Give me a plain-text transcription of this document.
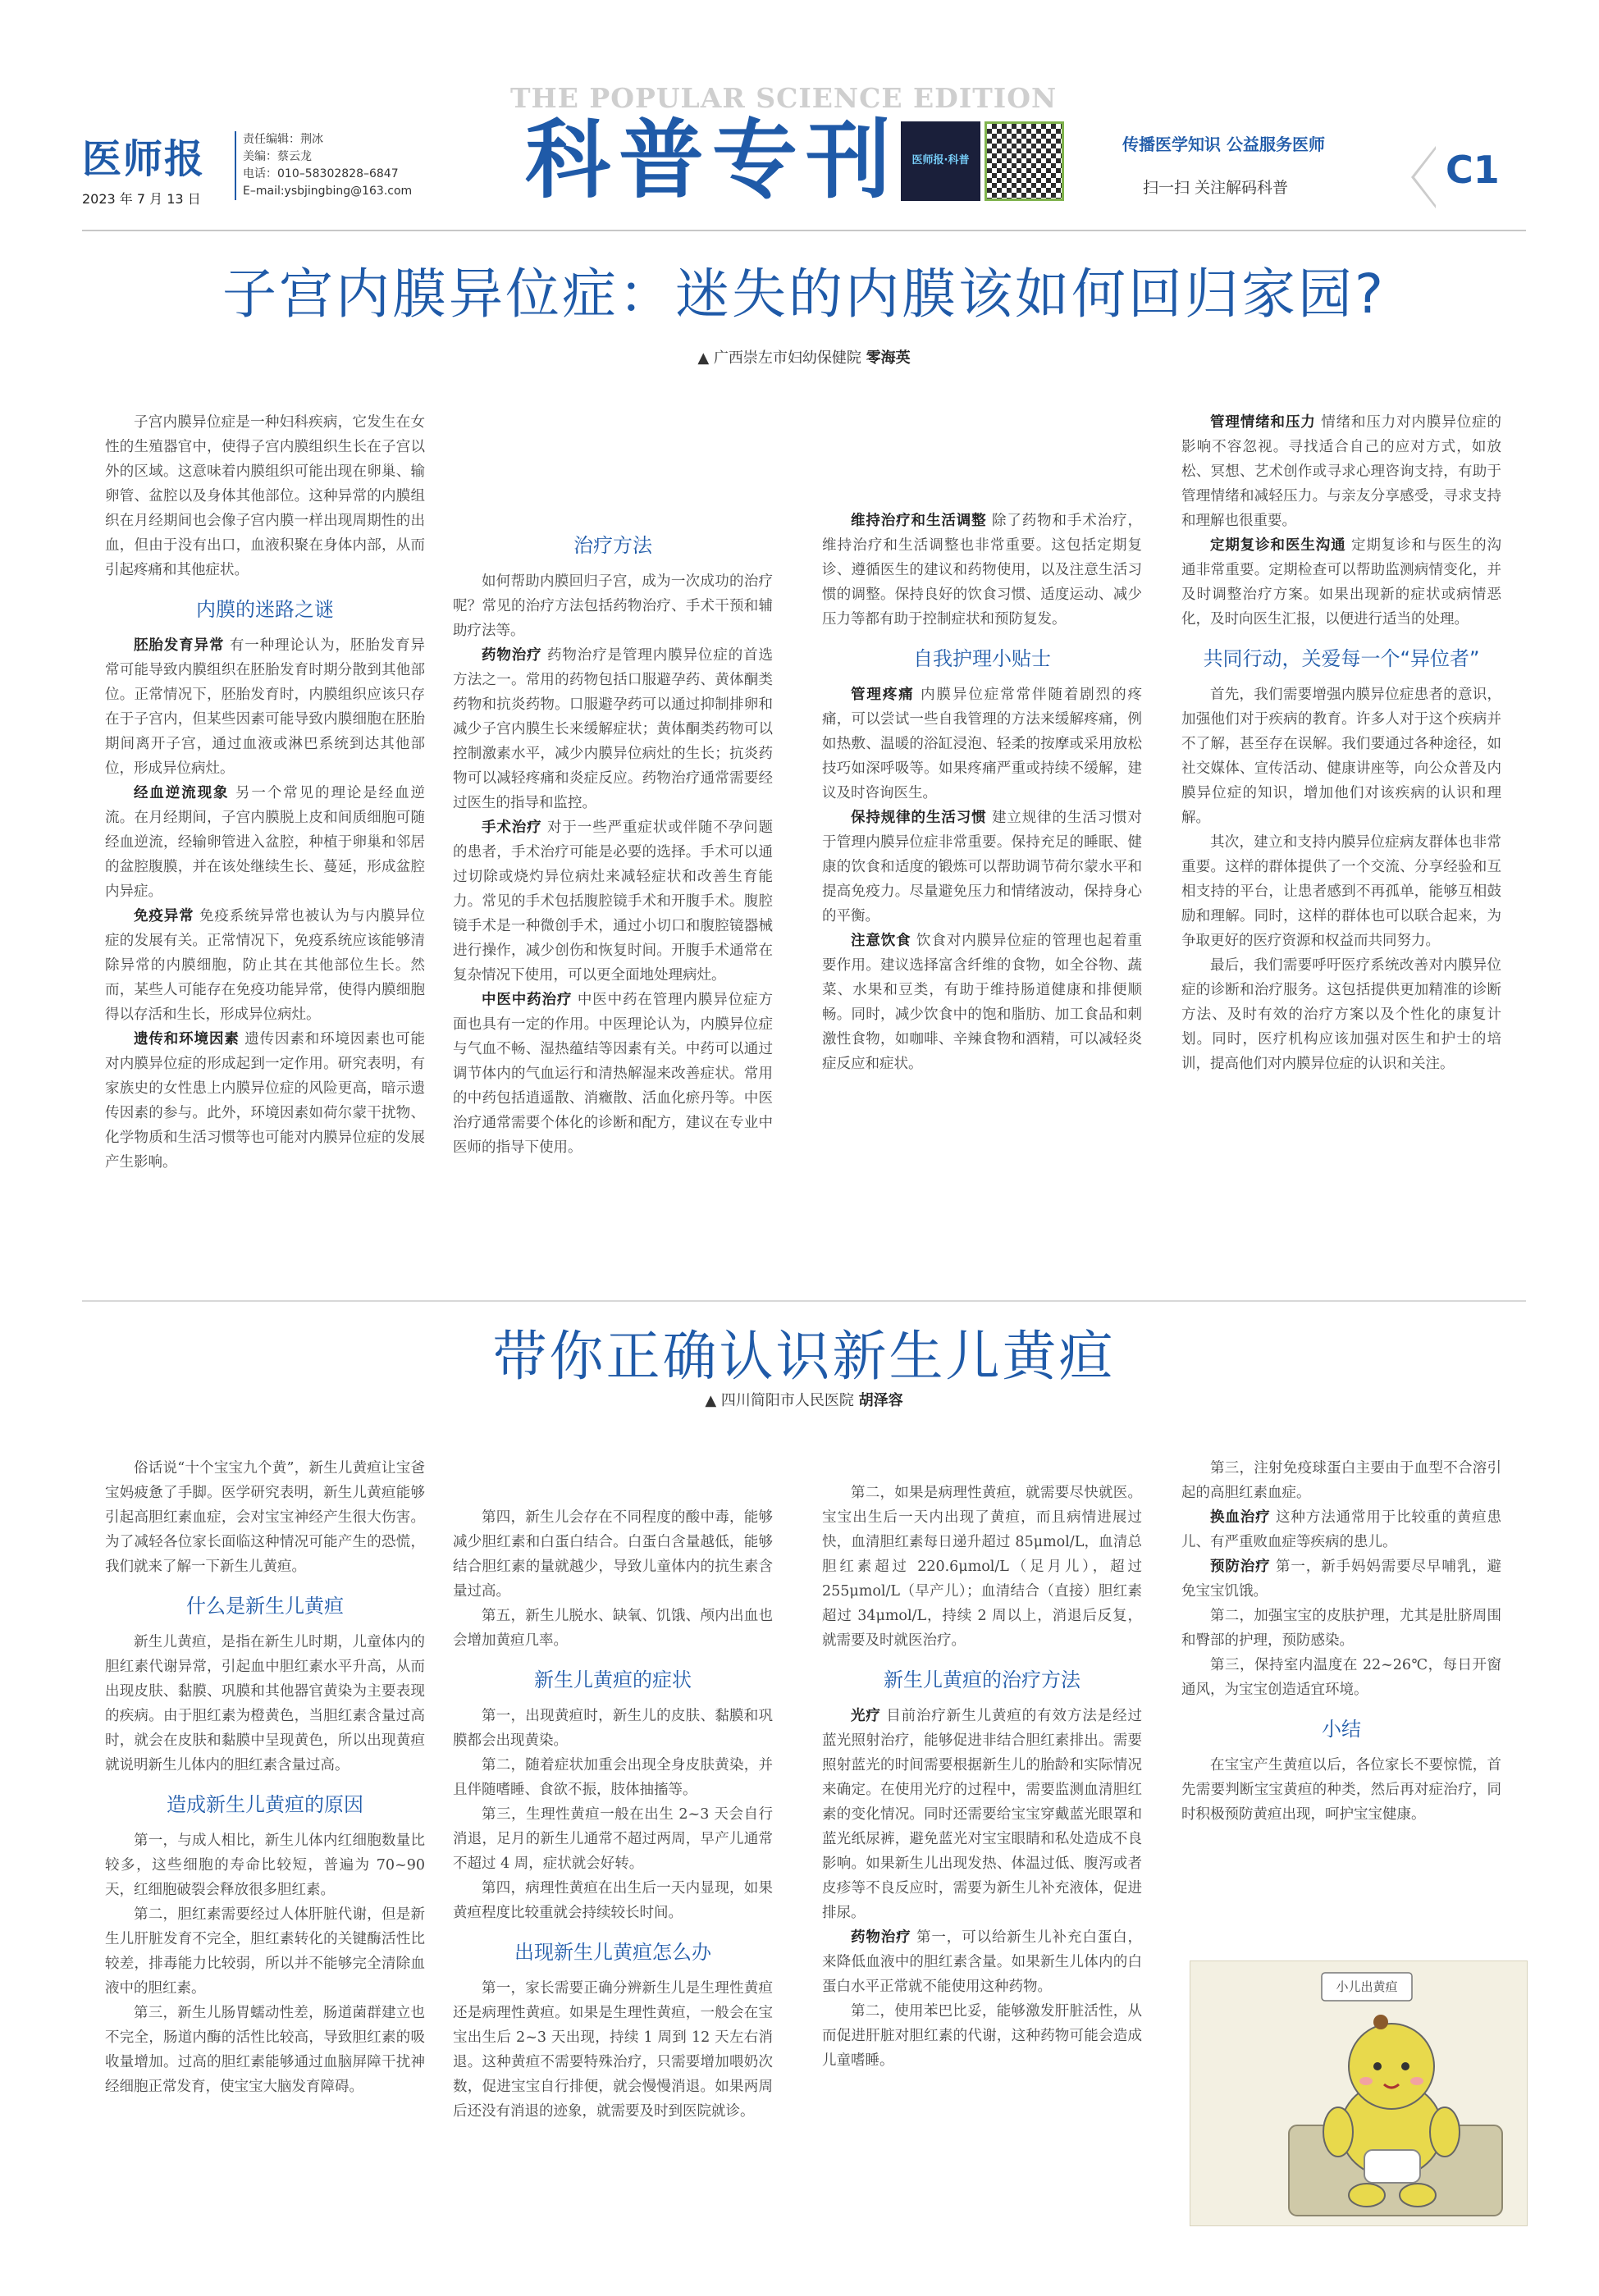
医师报
2023 年 7 月 13 日
责任编辑：荆冰
美编：蔡云龙
电话：010–58302828–6847
E–mail:ysbjingbing@163.com
THE POPULAR SCIENCE EDITION
科普专刊 医师报·科普
传播医学知识 公益服务医师
扫一扫 关注解码科普	C1
子宫内膜异位症：迷失的内膜该如何回归家园?
▲ 广西崇左市妇幼保健院 零海英

子宫内膜异位症是一种妇科疾病，它发生在女性的生殖器官中，使得子宫内膜组织生长在子宫以外的区域。这意味着内膜组织可能出现在卵巢、输卵管、盆腔以及身体其他部位。这种异常的内膜组织在月经期间也会像子宫内膜一样出现周期性的出血，但由于没有出口，血液积聚在身体内部，从而引起疼痛和其他症状。

内膜的迷路之谜

胚胎发育异常 有一种理论认为，胚胎发育异常可能导致内膜组织在胚胎发育时期分散到其他部位。正常情况下，胚胎发育时，内膜组织应该只存在于子宫内，但某些因素可能导致内膜细胞在胚胎期间离开子宫，通过血液或淋巴系统到达其他部位，形成异位病灶。

经血逆流现象 另一个常见的理论是经血逆流。在月经期间，子宫内膜脱上皮和间质细胞可随经血逆流，经输卵管进入盆腔，种植于卵巢和邻居的盆腔腹膜，并在该处继续生长、蔓延，形成盆腔内异症。

免疫异常 免疫系统异常也被认为与内膜异位症的发展有关。正常情况下，免疫系统应该能够清除异常的内膜细胞，防止其在其他部位生长。然而，某些人可能存在免疫功能异常，使得内膜细胞得以存活和生长，形成异位病灶。

遗传和环境因素 遗传因素和环境因素也可能对内膜异位症的形成起到一定作用。研究表明，有家族史的女性患上内膜异位症的风险更高，暗示遗传因素的参与。此外，环境因素如荷尔蒙干扰物、化学物质和生活习惯等也可能对内膜异位症的发展产生影响。

治疗方法

如何帮助内膜回归子宫，成为一次成功的治疗呢？常见的治疗方法包括药物治疗、手术干预和辅助疗法等。

药物治疗 药物治疗是管理内膜异位症的首选方法之一。常用的药物包括口服避孕药、黄体酮类药物和抗炎药物。口服避孕药可以通过抑制排卵和减少子宫内膜生长来缓解症状；黄体酮类药物可以控制激素水平，减少内膜异位病灶的生长；抗炎药物可以减轻疼痛和炎症反应。药物治疗通常需要经过医生的指导和监控。

手术治疗 对于一些严重症状或伴随不孕问题的患者，手术治疗可能是必要的选择。手术可以通过切除或烧灼异位病灶来减轻症状和改善生育能力。常见的手术包括腹腔镜手术和开腹手术。腹腔镜手术是一种微创手术，通过小切口和腹腔镜器械进行操作，减少创伤和恢复时间。开腹手术通常在复杂情况下使用，可以更全面地处理病灶。

中医中药治疗 中医中药在管理内膜异位症方面也具有一定的作用。中医理论认为，内膜异位症与气血不畅、湿热蕴结等因素有关。中药可以通过调节体内的气血运行和清热解湿来改善症状。常用的中药包括逍遥散、消癥散、活血化瘀丹等。中医治疗通常需要个体化的诊断和配方，建议在专业中医师的指导下使用。

维持治疗和生活调整 除了药物和手术治疗，维持治疗和生活调整也非常重要。这包括定期复诊、遵循医生的建议和药物使用，以及注意生活习惯的调整。保持良好的饮食习惯、适度运动、减少压力等都有助于控制症状和预防复发。

自我护理小贴士

管理疼痛 内膜异位症常常伴随着剧烈的疼痛，可以尝试一些自我管理的方法来缓解疼痛，例如热敷、温暖的浴缸浸泡、轻柔的按摩或采用放松技巧如深呼吸等。如果疼痛严重或持续不缓解，建议及时咨询医生。

保持规律的生活习惯 建立规律的生活习惯对于管理内膜异位症非常重要。保持充足的睡眠、健康的饮食和适度的锻炼可以帮助调节荷尔蒙水平和提高免疫力。尽量避免压力和情绪波动，保持身心的平衡。

注意饮食 饮食对内膜异位症的管理也起着重要作用。建议选择富含纤维的食物，如全谷物、蔬菜、水果和豆类，有助于维持肠道健康和排便顺畅。同时，减少饮食中的饱和脂肪、加工食品和刺激性食物，如咖啡、辛辣食物和酒精，可以减轻炎症反应和症状。

管理情绪和压力 情绪和压力对内膜异位症的影响不容忽视。寻找适合自己的应对方式，如放松、冥想、艺术创作或寻求心理咨询支持，有助于管理情绪和减轻压力。与亲友分享感受，寻求支持和理解也很重要。

定期复诊和医生沟通 定期复诊和与医生的沟通非常重要。定期检查可以帮助监测病情变化，并及时调整治疗方案。如果出现新的症状或病情恶化，及时向医生汇报，以便进行适当的处理。

共同行动，关爱每一个“异位者”

首先，我们需要增强内膜异位症患者的意识，加强他们对于疾病的教育。许多人对于这个疾病并不了解，甚至存在误解。我们要通过各种途径，如社交媒体、宣传活动、健康讲座等，向公众普及内膜异位症的知识，增加他们对该疾病的认识和理解。

其次，建立和支持内膜异位症病友群体也非常重要。这样的群体提供了一个交流、分享经验和互相支持的平台，让患者感到不再孤单，能够互相鼓励和理解。同时，这样的群体也可以联合起来，为争取更好的医疗资源和权益而共同努力。

最后，我们需要呼吁医疗系统改善对内膜异位症的诊断和治疗服务。这包括提供更加精准的诊断方法、及时有效的治疗方案以及个性化的康复计划。同时，医疗机构应该加强对医生和护士的培训，提高他们对内膜异位症的认识和关注。

带你正确认识新生儿黄疸
▲ 四川简阳市人民医院 胡泽容

俗话说“十个宝宝九个黄”，新生儿黄疸让宝爸宝妈疲惫了手脚。医学研究表明，新生儿黄疸能够引起高胆红素血症，会对宝宝神经产生很大伤害。为了减轻各位家长面临这种情况可能产生的恐慌，我们就来了解一下新生儿黄疸。

什么是新生儿黄疸

新生儿黄疸，是指在新生儿时期，儿童体内的胆红素代谢异常，引起血中胆红素水平升高，从而出现皮肤、黏膜、巩膜和其他器官黄染为主要表现的疾病。由于胆红素为橙黄色，当胆红素含量过高时，就会在皮肤和黏膜中呈现黄色，所以出现黄疸就说明新生儿体内的胆红素含量过高。

造成新生儿黄疸的原因

第一，与成人相比，新生儿体内红细胞数量比较多，这些细胞的寿命比较短，普遍为 70~90 天，红细胞破裂会释放很多胆红素。

第二，胆红素需要经过人体肝脏代谢，但是新生儿肝脏发育不完全，胆红素转化的关键酶活性比较差，排毒能力比较弱，所以并不能够完全清除血液中的胆红素。

第三，新生儿肠胃蠕动性差，肠道菌群建立也不完全，肠道内酶的活性比较高，导致胆红素的吸收量增加。过高的胆红素能够通过血脑屏障干扰神经细胞正常发育，使宝宝大脑发育障碍。

第四，新生儿会存在不同程度的酸中毒，能够减少胆红素和白蛋白结合。白蛋白含量越低，能够结合胆红素的量就越少，导致儿童体内的抗生素含量过高。

第五，新生儿脱水、缺氧、饥饿、颅内出血也会增加黄疸几率。

新生儿黄疸的症状

第一，出现黄疸时，新生儿的皮肤、黏膜和巩膜都会出现黄染。

第二，随着症状加重会出现全身皮肤黄染，并且伴随嗜睡、食欲不振，肢体抽搐等。

第三，生理性黄疸一般在出生 2~3 天会自行消退，足月的新生儿通常不超过两周，早产儿通常不超过 4 周，症状就会好转。

第四，病理性黄疸在出生后一天内显现，如果黄疸程度比较重就会持续较长时间。

出现新生儿黄疸怎么办

第一，家长需要正确分辨新生儿是生理性黄疸还是病理性黄疸。如果是生理性黄疸，一般会在宝宝出生后 2~3 天出现，持续 1 周到 12 天左右消退。这种黄疸不需要特殊治疗，只需要增加喂奶次数，促进宝宝自行排便，就会慢慢消退。如果两周后还没有消退的迹象，就需要及时到医院就诊。

第二，如果是病理性黄疸，就需要尽快就医。宝宝出生后一天内出现了黄疸，而且病情进展过快，血清胆红素每日递升超过 85μmol/L，血清总胆红素超过 220.6μmol/L（足月儿），超过 255μmol/L（早产儿）；血清结合（直接）胆红素超过 34μmol/L，持续 2 周以上，消退后反复，就需要及时就医治疗。

新生儿黄疸的治疗方法

光疗 目前治疗新生儿黄疸的有效方法是经过蓝光照射治疗，能够促进非结合胆红素排出。需要照射蓝光的时间需要根据新生儿的胎龄和实际情况来确定。在使用光疗的过程中，需要监测血清胆红素的变化情况。同时还需要给宝宝穿戴蓝光眼罩和蓝光纸尿裤，避免蓝光对宝宝眼睛和私处造成不良影响。如果新生儿出现发热、体温过低、腹泻或者皮疹等不良反应时，需要为新生儿补充液体，促进排尿。

药物治疗 第一，可以给新生儿补充白蛋白，来降低血液中的胆红素含量。如果新生儿体内的白蛋白水平正常就不能使用这种药物。

第二，使用苯巴比妥，能够激发肝脏活性，从而促进肝脏对胆红素的代谢，这种药物可能会造成儿童嗜睡。

第三，注射免疫球蛋白主要由于血型不合溶引起的高胆红素血症。

换血治疗 这种方法通常用于比较重的黄疸患儿、有严重败血症等疾病的患儿。

预防治疗 第一，新手妈妈需要尽早哺乳，避免宝宝饥饿。

第二，加强宝宝的皮肤护理，尤其是肚脐周围和臀部的护理，预防感染。

第三，保持室内温度在 22~26℃，每日开窗通风，为宝宝创造适宜环境。

小结

在宝宝产生黄疸以后，各位家长不要惊慌，首先需要判断宝宝黄疸的种类，然后再对症治疗，同时积极预防黄疸出现，呵护宝宝健康。

小儿出黄疸
